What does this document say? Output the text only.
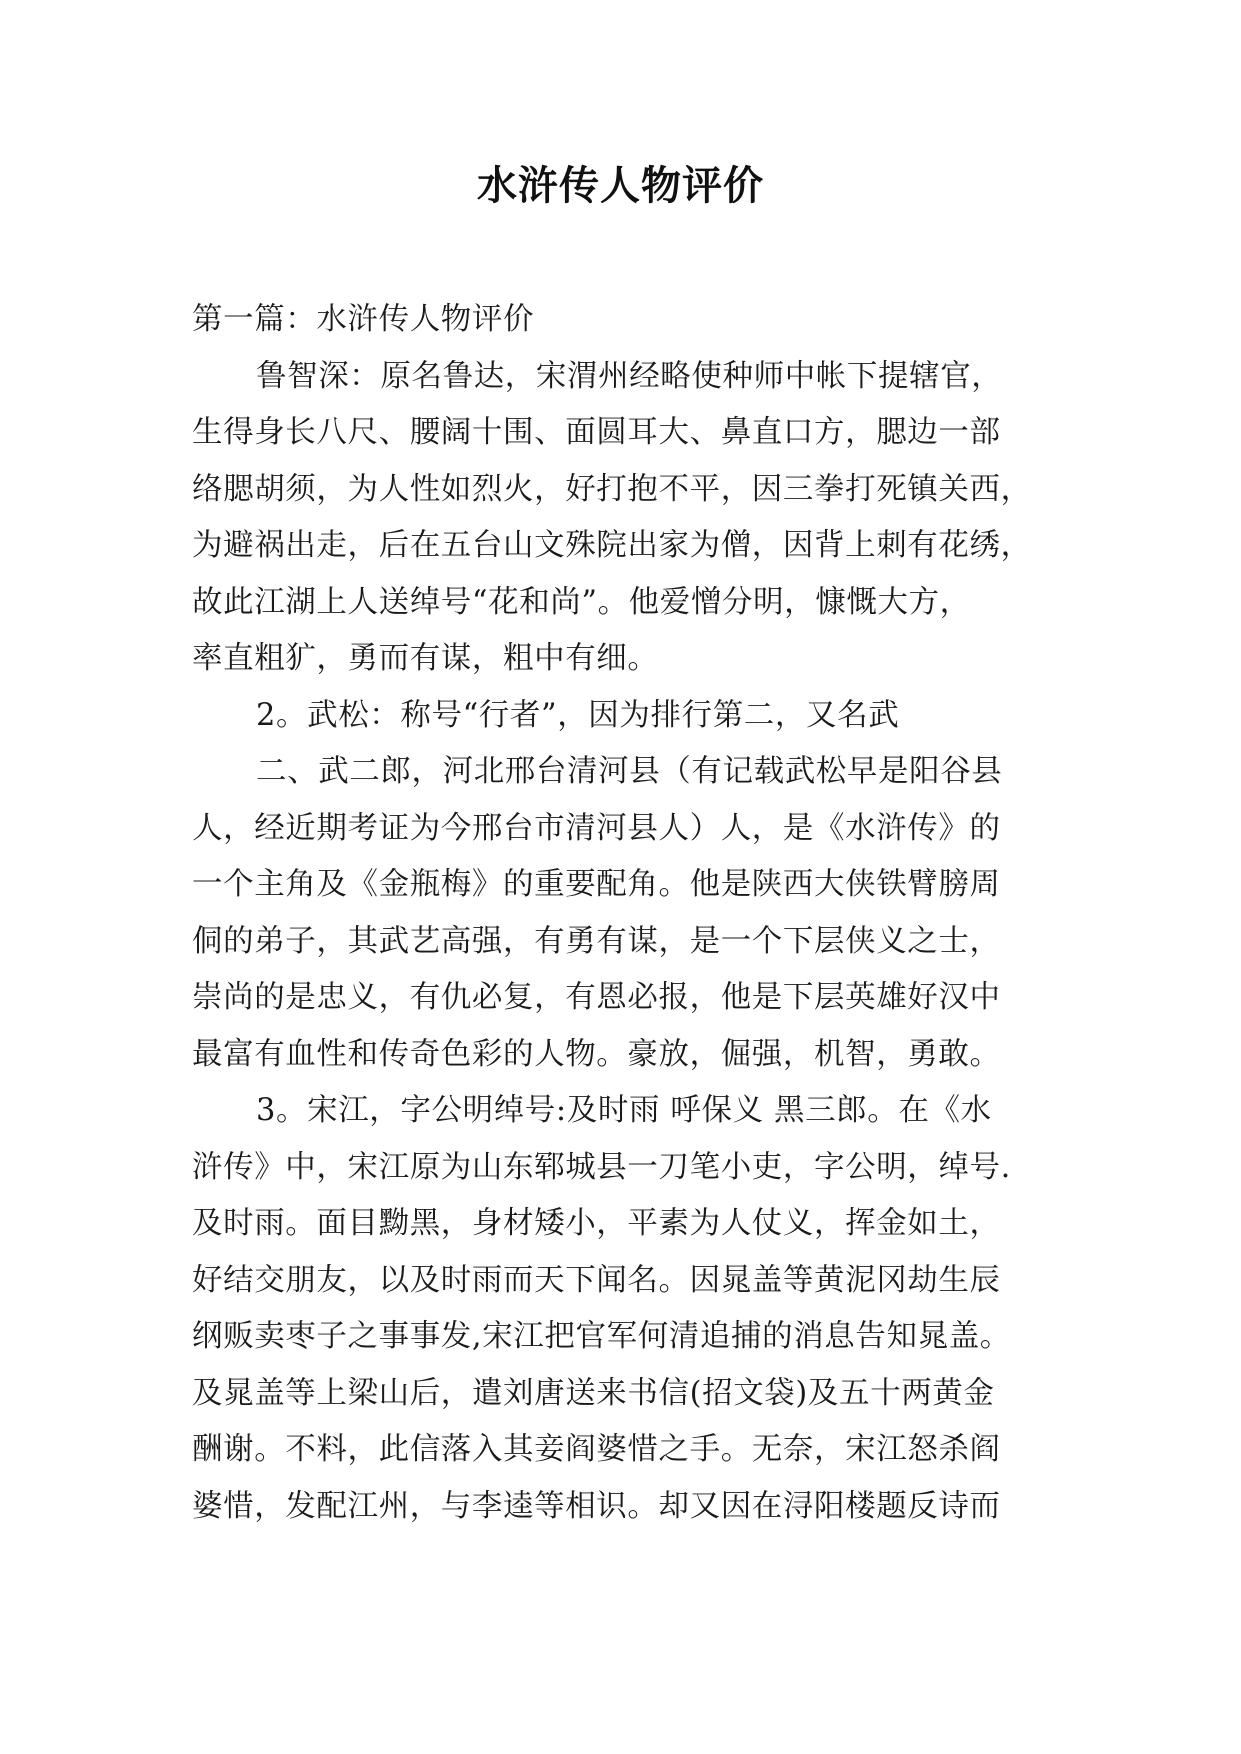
水浒传人物评价
第一篇：水浒传人物评价
鲁智深：原名鲁达，宋渭州经略使种师中帐下提辖官，
生得身长八尺、腰阔十围、面圆耳大、鼻直口方，腮边一部
络腮胡须，为人性如烈火，好打抱不平，因三拳打死镇关西，
为避祸出走，后在五台山文殊院出家为僧，因背上刺有花绣，
故此江湖上人送绰号“花和尚”。他爱憎分明，慷慨大方，
率直粗犷，勇而有谋，粗中有细。
2。武松：称号“行者”，因为排行第二，又名武
二、武二郎，河北邢台清河县（有记载武松早是阳谷县
人，经近期考证为今邢台市清河县人）人，是《水浒传》的
一个主角及《金瓶梅》的重要配角。他是陕西大侠铁臂膀周
侗的弟子，其武艺高强，有勇有谋，是一个下层侠义之士，
崇尚的是忠义，有仇必复，有恩必报，他是下层英雄好汉中
最富有血性和传奇色彩的人物。豪放，倔强，机智，勇敢。
3。宋江，字公明绰号:及时雨 呼保义 黑三郎。在《水
浒传》中，宋江原为山东郓城县一刀笔小吏，字公明，绰号.
及时雨。面目黝黑，身材矮小，平素为人仗义，挥金如土，
好结交朋友，以及时雨而天下闻名。因晁盖等黄泥冈劫生辰
纲贩卖枣子之事事发,宋江把官军何清追捕的消息告知晁盖。
及晁盖等上梁山后，遣刘唐送来书信(招文袋)及五十两黄金
酬谢。不料，此信落入其妾阎婆惜之手。无奈，宋江怒杀阎
婆惜，发配江州，与李逵等相识。却又因在浔阳楼题反诗而
